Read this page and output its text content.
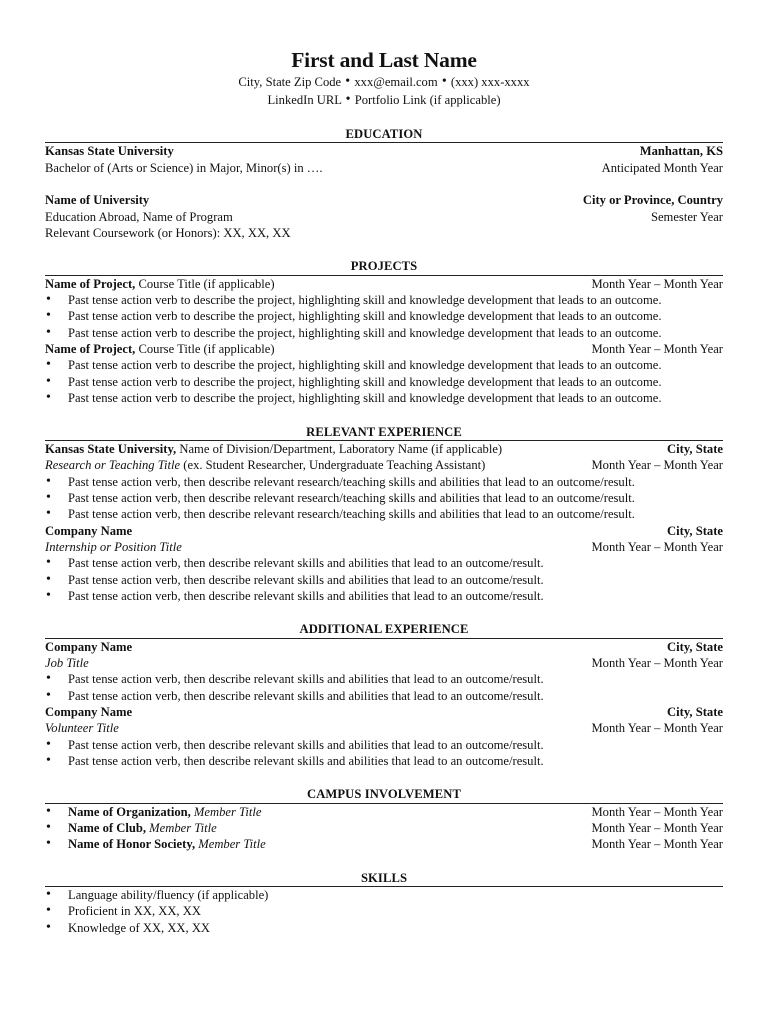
First and Last Name
City, State Zip Code • xxx@email.com • (xxx) xxx-xxxx
LinkedIn URL • Portfolio Link (if applicable)
EDUCATION
Kansas State University	Manhattan, KS
Bachelor of (Arts or Science) in Major, Minor(s) in ….	Anticipated Month Year
Name of University	City or Province, Country
Education Abroad, Name of Program	Semester Year
Relevant Coursework (or Honors): XX, XX, XX
PROJECTS
Name of Project, Course Title (if applicable)	Month Year – Month Year
• Past tense action verb to describe the project, highlighting skill and knowledge development that leads to an outcome.
• Past tense action verb to describe the project, highlighting skill and knowledge development that leads to an outcome.
• Past tense action verb to describe the project, highlighting skill and knowledge development that leads to an outcome.
Name of Project, Course Title (if applicable)	Month Year – Month Year
• Past tense action verb to describe the project, highlighting skill and knowledge development that leads to an outcome.
• Past tense action verb to describe the project, highlighting skill and knowledge development that leads to an outcome.
• Past tense action verb to describe the project, highlighting skill and knowledge development that leads to an outcome.
RELEVANT EXPERIENCE
Kansas State University, Name of Division/Department, Laboratory Name (if applicable)	City, State
Research or Teaching Title (ex. Student Researcher, Undergraduate Teaching Assistant)	Month Year – Month Year
• Past tense action verb, then describe relevant research/teaching skills and abilities that lead to an outcome/result.
• Past tense action verb, then describe relevant research/teaching skills and abilities that lead to an outcome/result.
• Past tense action verb, then describe relevant research/teaching skills and abilities that lead to an outcome/result.
Company Name	City, State
Internship or Position Title	Month Year – Month Year
• Past tense action verb, then describe relevant skills and abilities that lead to an outcome/result.
• Past tense action verb, then describe relevant skills and abilities that lead to an outcome/result.
• Past tense action verb, then describe relevant skills and abilities that lead to an outcome/result.
ADDITIONAL EXPERIENCE
Company Name	City, State
Job Title	Month Year – Month Year
• Past tense action verb, then describe relevant skills and abilities that lead to an outcome/result.
• Past tense action verb, then describe relevant skills and abilities that lead to an outcome/result.
Company Name	City, State
Volunteer Title	Month Year – Month Year
• Past tense action verb, then describe relevant skills and abilities that lead to an outcome/result.
• Past tense action verb, then describe relevant skills and abilities that lead to an outcome/result.
CAMPUS INVOLVEMENT
• Name of Organization, Member Title	Month Year – Month Year
• Name of Club, Member Title	Month Year – Month Year
• Name of Honor Society, Member Title	Month Year – Month Year
SKILLS
• Language ability/fluency (if applicable)
• Proficient in XX, XX, XX
• Knowledge of XX, XX, XX
